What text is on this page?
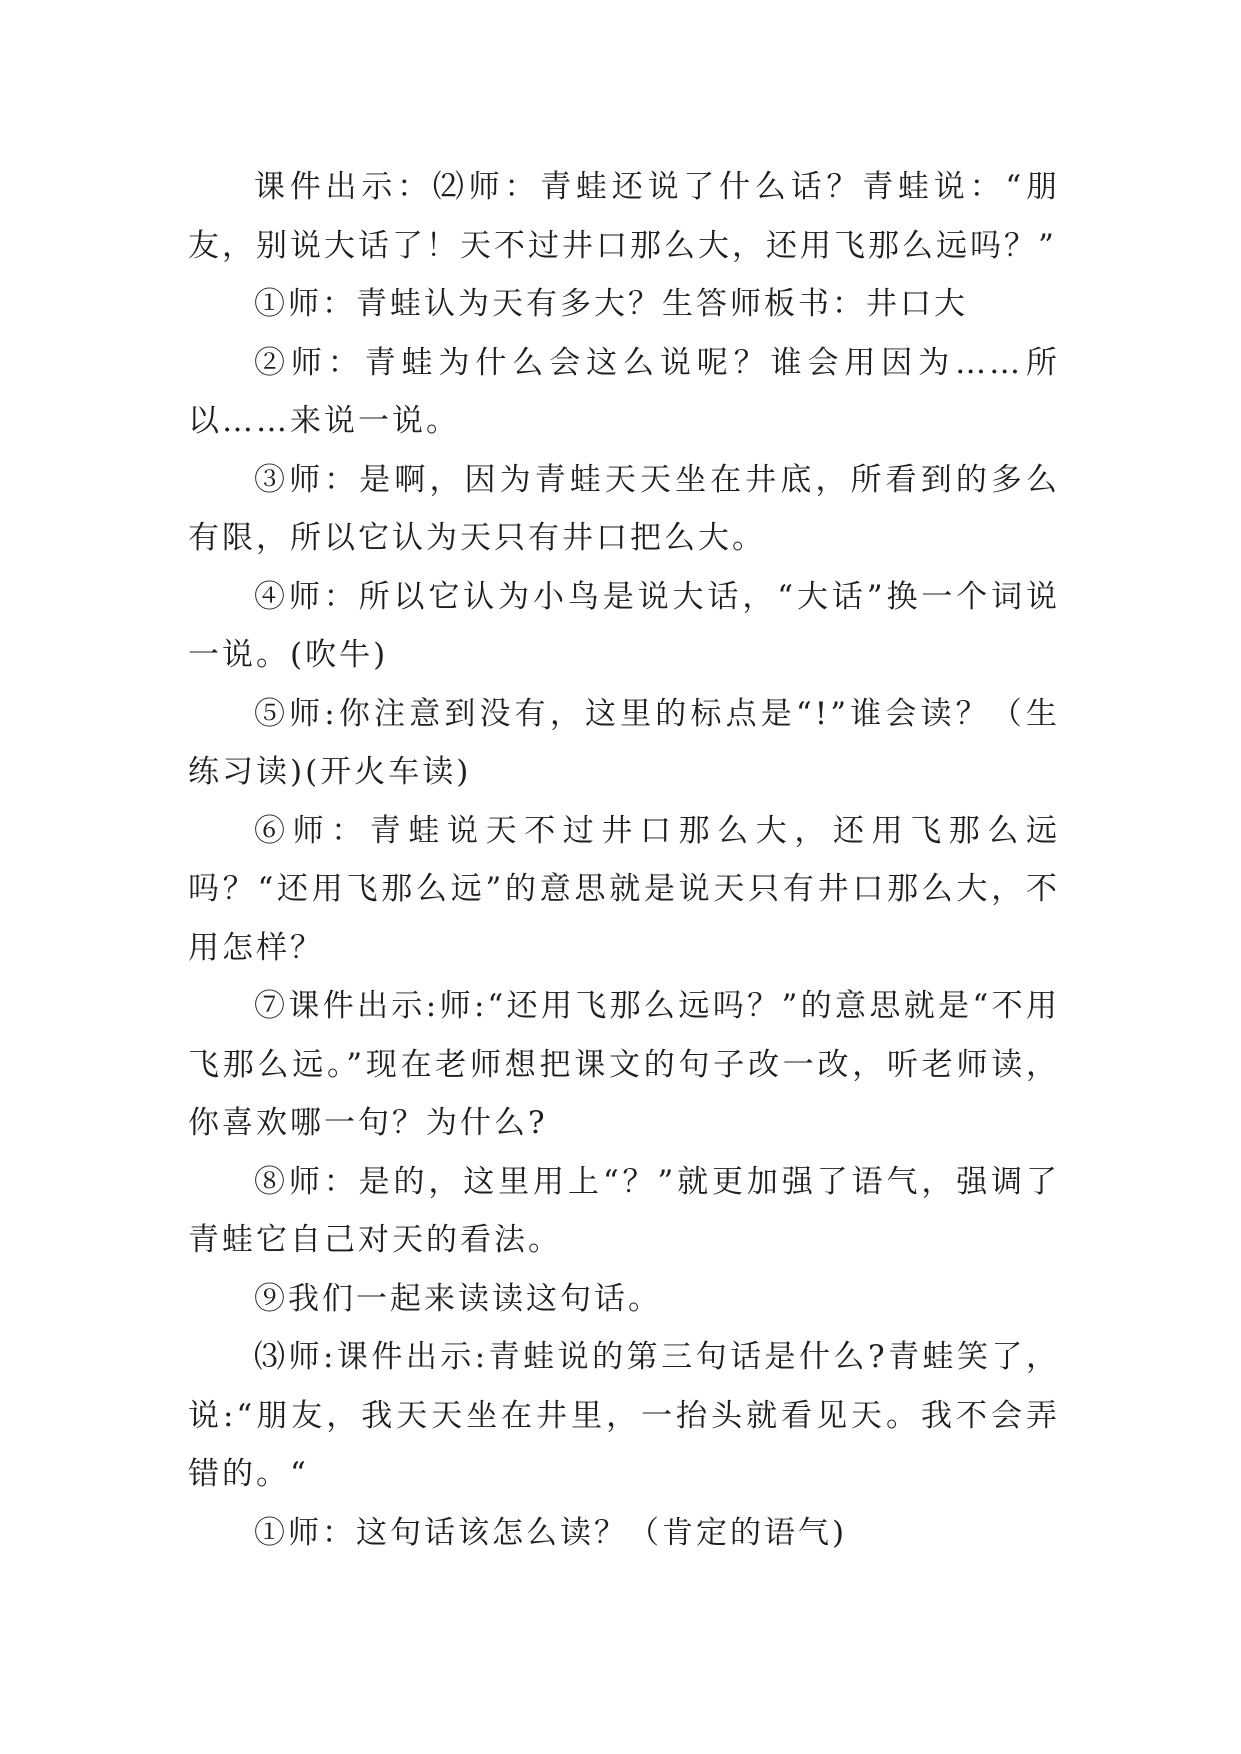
课件出示：⑵师：青蛙还说了什么话？青蛙说：“朋友，别说大话了！天不过井口那么大，还用飞那么远吗？”

①师：青蛙认为天有多大？生答师板书：井口大

②师：青蛙为什么会这么说呢？谁会用因为……所以……来说一说。

③师：是啊，因为青蛙天天坐在井底，所看到的多么有限，所以它认为天只有井口把么大。

④师：所以它认为小鸟是说大话，“大话”换一个词说一说。(吹牛)

⑤师:你注意到没有，这里的标点是“!”谁会读？（生练习读)(开火车读)

⑥师：青蛙说天不过井口那么大，还用飞那么远吗？“还用飞那么远”的意思就是说天只有井口那么大，不用怎样？

⑦课件出示:师:“还用飞那么远吗？”的意思就是“不用飞那么远。”现在老师想把课文的句子改一改，听老师读，你喜欢哪一句？为什么?

⑧师：是的，这里用上“？”就更加强了语气，强调了青蛙它自己对天的看法。

⑨我们一起来读读这句话。

⑶师:课件出示:青蛙说的第三句话是什么?青蛙笑了，说:“朋友，我天天坐在井里，一抬头就看见天。我不会弄错的。“

①师：这句话该怎么读？（肯定的语气)
